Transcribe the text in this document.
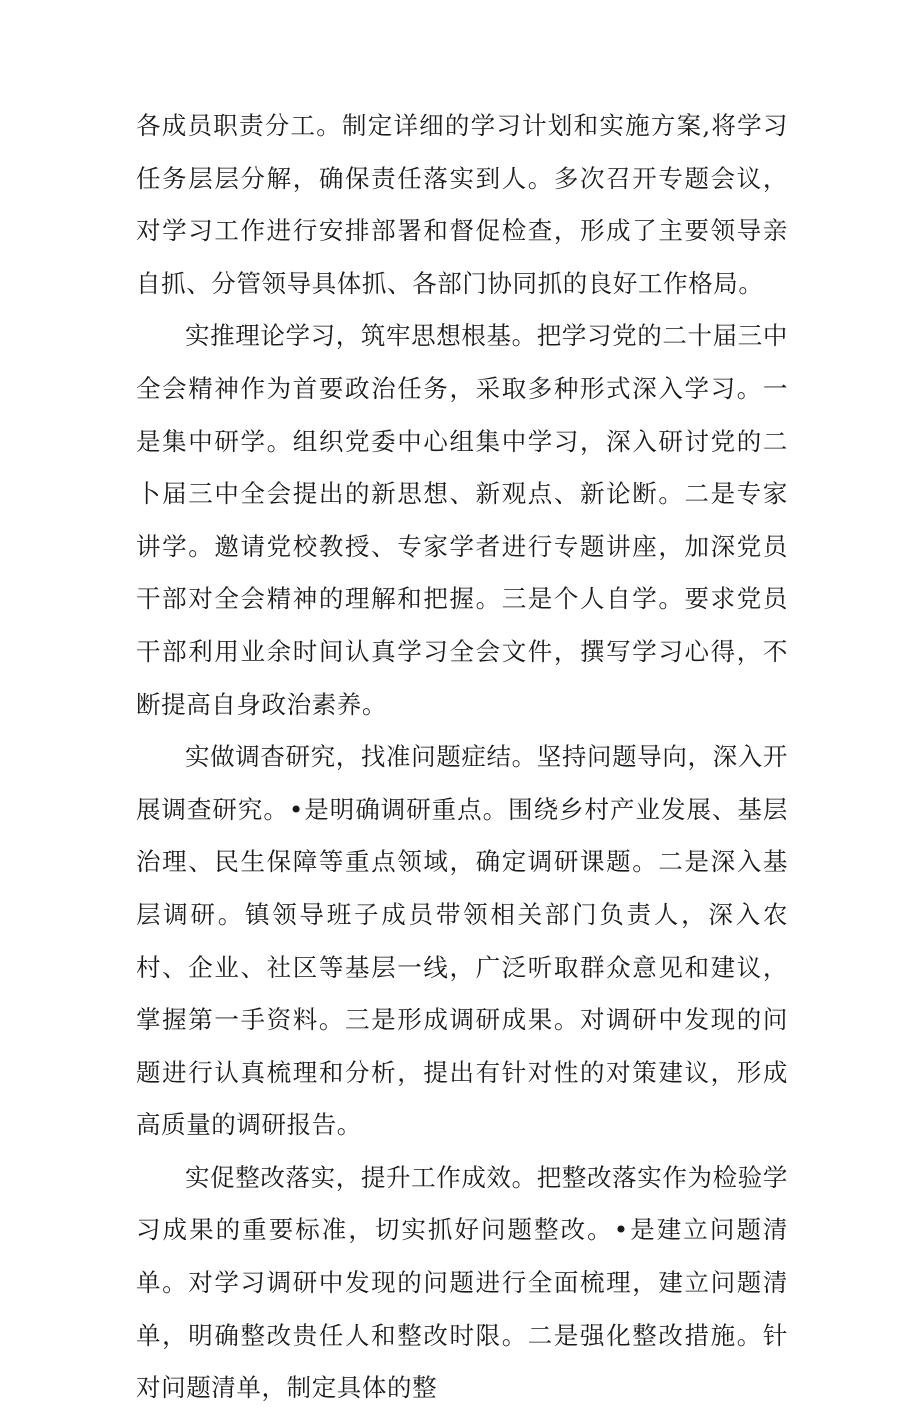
各成员职责分工。制定详细的学习计划和实施方案,将学习任务层层分解，确保责任落实到人。多次召开专题会议，对学习工作进行安排部署和督促检查，形成了主要领导亲自抓、分管领导具体抓、各部门协同抓的良好工作格局。

实推理论学习，筑牢思想根基。把学习党的二十届三中全会精神作为首要政治任务，采取多种形式深入学习。一是集中研学。组织党委中心组集中学习，深入研讨党的二卜届三中全会提出的新思想、新观点、新论断。二是专家讲学。邀请党校教授、专家学者进行专题讲座，加深党员干部对全会精神的理解和把握。三是个人自学。要求党员干部利用业余时间认真学习全会文件，撰写学习心得，不断提高自身政治素养。

实做调杳研究，找准问题症结。坚持问题导向，深入开展调查研究。•是明确调研重点。围绕乡村产业发展、基层治理、民生保障等重点领域，确定调研课题。二是深入基层调研。镇领导班子成员带领相关部门负责人，深入农村、企业、社区等基层一线，广泛听取群众意见和建议，掌握第一手资料。三是形成调研成果。对调研中发现的问题进行认真梳理和分析，提出有针对性的对策建议，形成高质量的调研报告。

实促整改落实，提升工作成效。把整改落实作为检验学习成果的重要标准，切实抓好问题整改。•是建立问题清单。对学习调研中发现的问题进行全面梳理，建立问题清单，明确整改贵任人和整改时限。二是强化整改措施。针对问题清单，制定具体的整
